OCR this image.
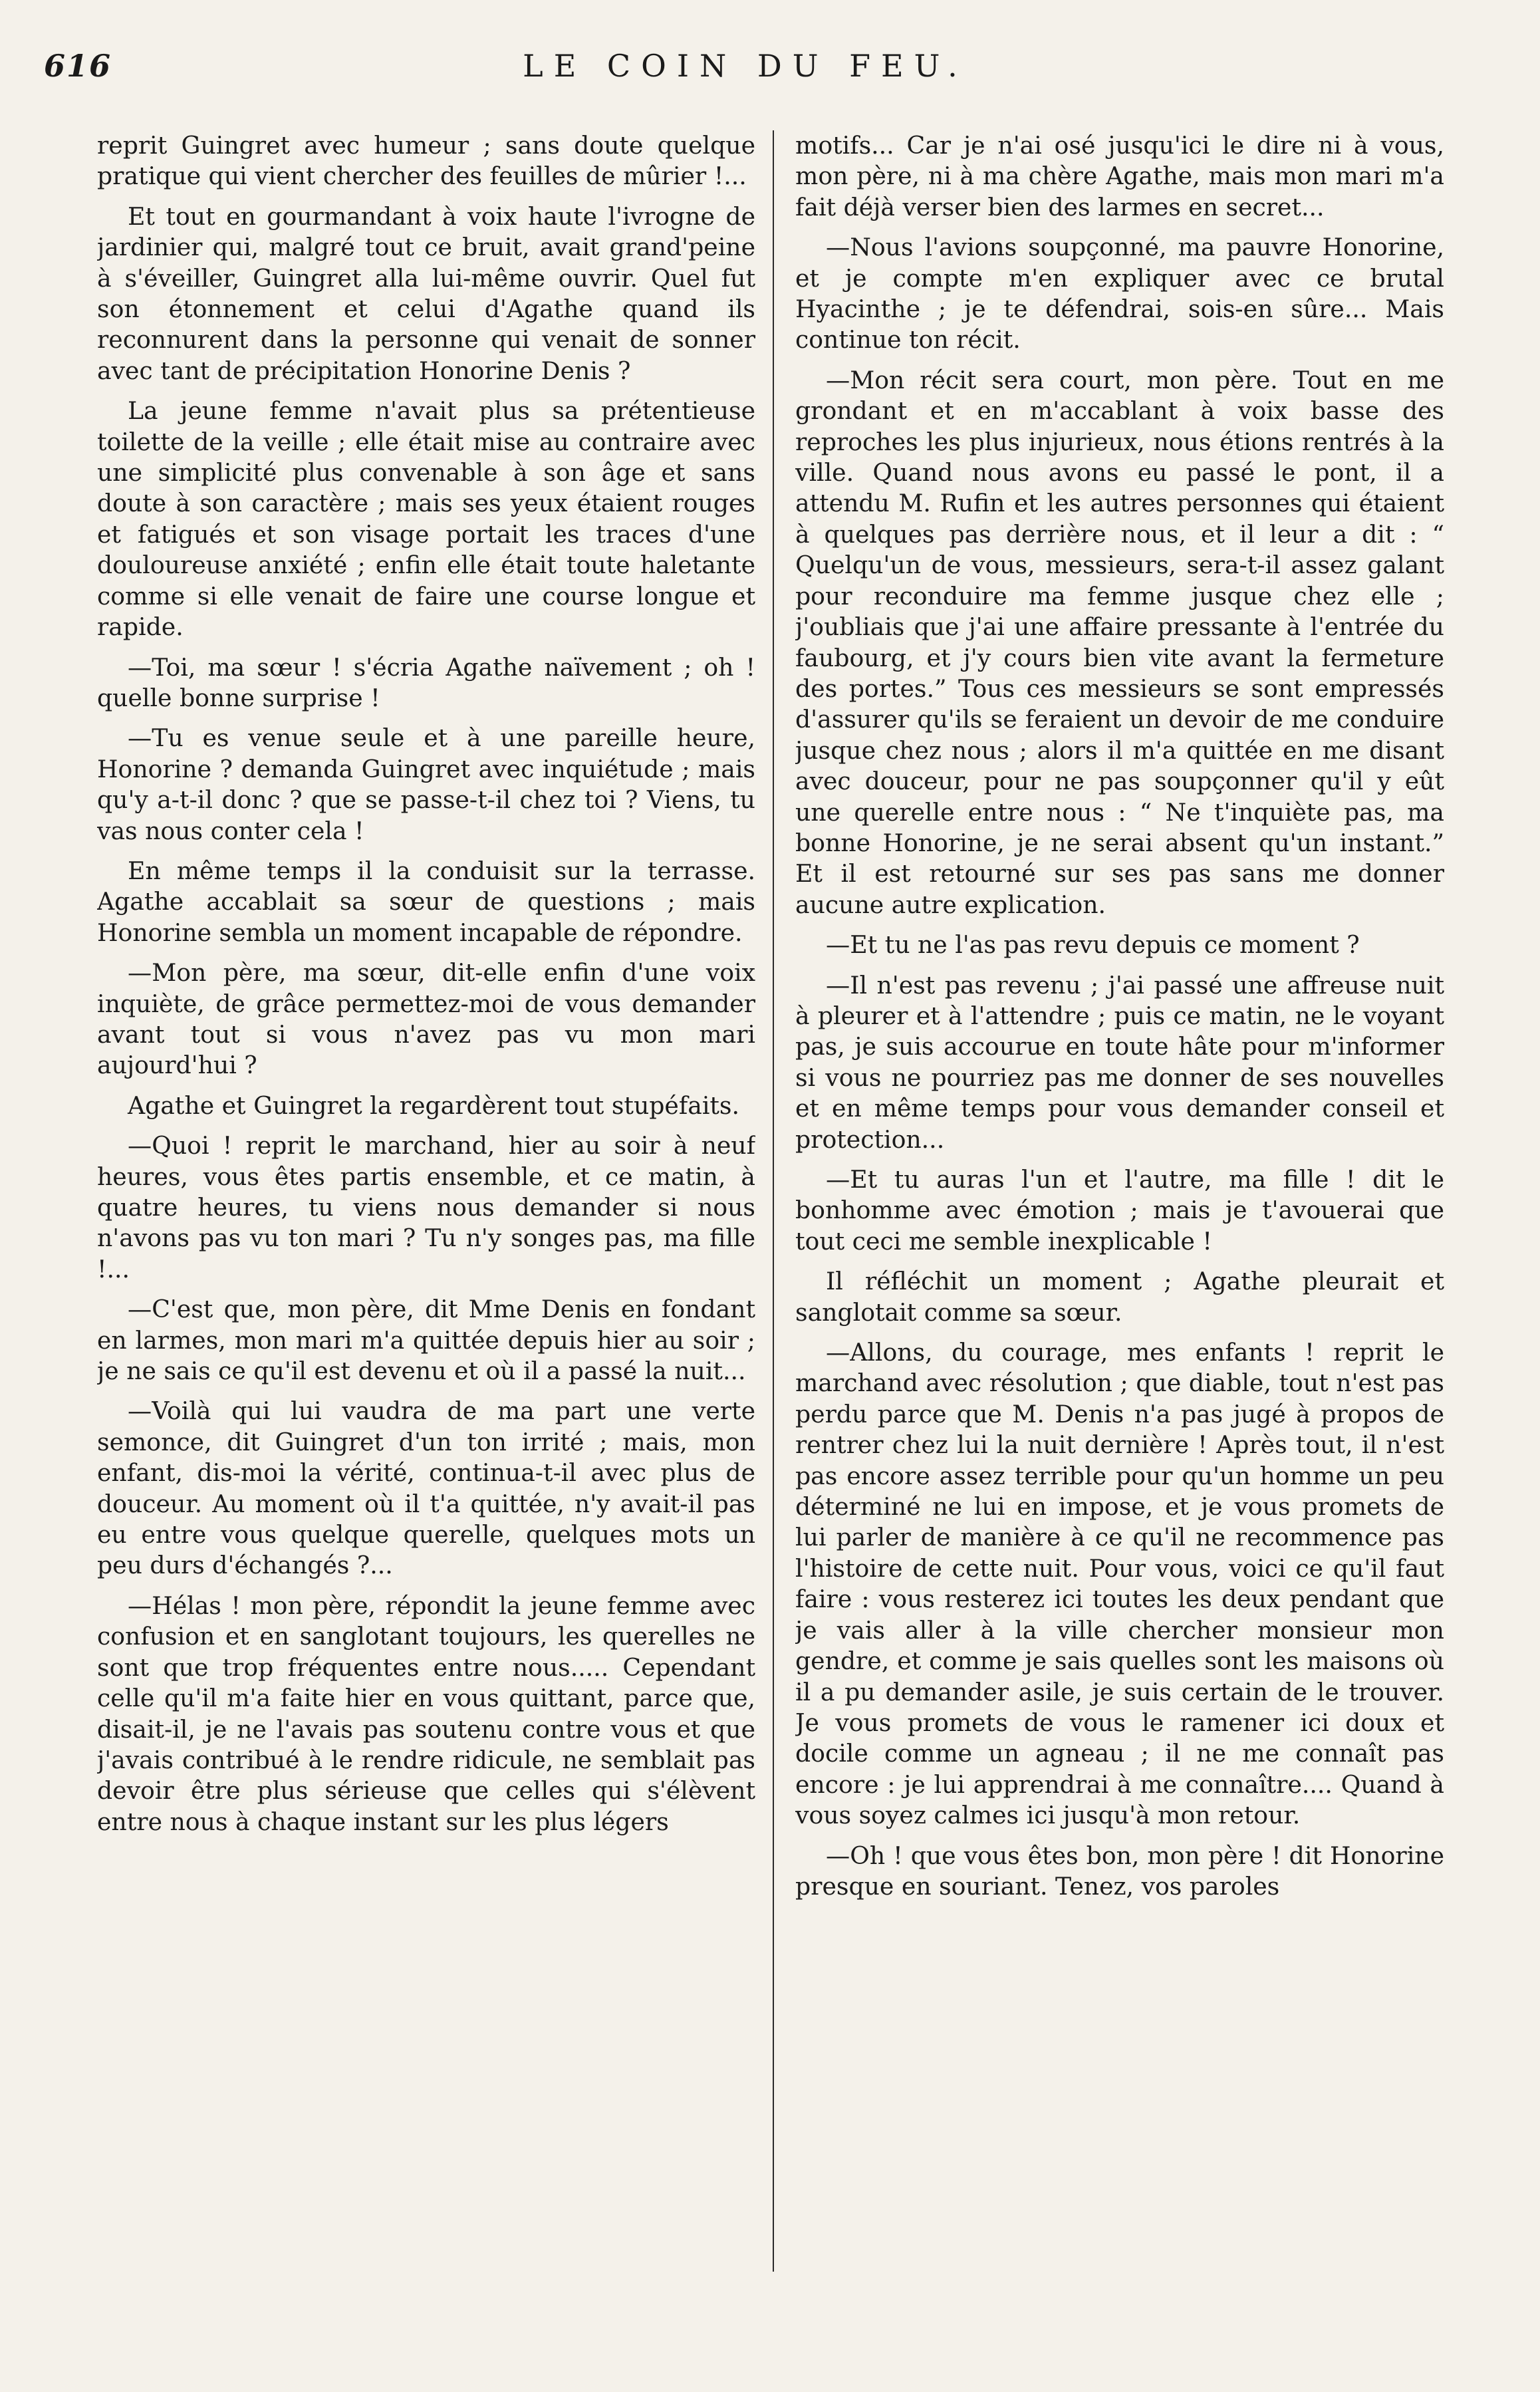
616	LE COIN DU FEU.

reprit Guingret avec humeur ; sans doute quelque pratique qui vient chercher des feuilles de mûrier !...

Et tout en gourmandant à voix haute l'ivrogne de jardinier qui, malgré tout ce bruit, avait grand'peine à s'éveiller, Guingret alla lui-même ouvrir. Quel fut son étonnement et celui d'Agathe quand ils reconnurent dans la personne qui venait de sonner avec tant de précipitation Honorine Denis ?

La jeune femme n'avait plus sa prétentieuse toilette de la veille ; elle était mise au contraire avec une simplicité plus convenable à son âge et sans doute à son caractère ; mais ses yeux étaient rouges et fatigués et son visage portait les traces d'une douloureuse anxiété ; enfin elle était toute haletante comme si elle venait de faire une course longue et rapide.

—Toi, ma sœur ! s'écria Agathe naïvement ; oh ! quelle bonne surprise !

—Tu es venue seule et à une pareille heure, Honorine ? demanda Guingret avec inquiétude ; mais qu'y a-t-il donc ? que se passe-t-il chez toi ? Viens, tu vas nous conter cela !

En même temps il la conduisit sur la terrasse. Agathe accablait sa sœur de questions ; mais Honorine sembla un moment incapable de répondre.

—Mon père, ma sœur, dit-elle enfin d'une voix inquiète, de grâce permettez-moi de vous demander avant tout si vous n'avez pas vu mon mari aujourd'hui ?

Agathe et Guingret la regardèrent tout stupéfaits.

—Quoi ! reprit le marchand, hier au soir à neuf heures, vous êtes partis ensemble, et ce matin, à quatre heures, tu viens nous demander si nous n'avons pas vu ton mari ? Tu n'y songes pas, ma fille !...

—C'est que, mon père, dit Mme Denis en fondant en larmes, mon mari m'a quittée depuis hier au soir ; je ne sais ce qu'il est devenu et où il a passé la nuit...

—Voilà qui lui vaudra de ma part une verte semonce, dit Guingret d'un ton irrité ; mais, mon enfant, dis-moi la vérité, continua-t-il avec plus de douceur. Au moment où il t'a quittée, n'y avait-il pas eu entre vous quelque querelle, quelques mots un peu durs d'échangés ?...

—Hélas ! mon père, répondit la jeune femme avec confusion et en sanglotant toujours, les querelles ne sont que trop fréquentes entre nous..... Cependant celle qu'il m'a faite hier en vous quittant, parce que, disait-il, je ne l'avais pas soutenu contre vous et que j'avais contribué à le rendre ridicule, ne semblait pas devoir être plus sérieuse que celles qui s'élèvent entre nous à chaque instant sur les plus légers

motifs... Car je n'ai osé jusqu'ici le dire ni à vous, mon père, ni à ma chère Agathe, mais mon mari m'a fait déjà verser bien des larmes en secret...

—Nous l'avions soupçonné, ma pauvre Honorine, et je compte m'en expliquer avec ce brutal Hyacinthe ; je te défendrai, sois-en sûre... Mais continue ton récit.

—Mon récit sera court, mon père. Tout en me grondant et en m'accablant à voix basse des reproches les plus injurieux, nous étions rentrés à la ville. Quand nous avons eu passé le pont, il a attendu M. Rufin et les autres personnes qui étaient à quelques pas derrière nous, et il leur a dit : “ Quelqu'un de vous, messieurs, sera-t-il assez galant pour reconduire ma femme jusque chez elle ; j'oubliais que j'ai une affaire pressante à l'entrée du faubourg, et j'y cours bien vite avant la fermeture des portes.” Tous ces messieurs se sont empressés d'assurer qu'ils se feraient un devoir de me conduire jusque chez nous ; alors il m'a quittée en me disant avec douceur, pour ne pas soupçonner qu'il y eût une querelle entre nous : “ Ne t'inquiète pas, ma bonne Honorine, je ne serai absent qu'un instant.” Et il est retourné sur ses pas sans me donner aucune autre explication.

—Et tu ne l'as pas revu depuis ce moment ?

—Il n'est pas revenu ; j'ai passé une affreuse nuit à pleurer et à l'attendre ; puis ce matin, ne le voyant pas, je suis accourue en toute hâte pour m'informer si vous ne pourriez pas me donner de ses nouvelles et en même temps pour vous demander conseil et protection...

—Et tu auras l'un et l'autre, ma fille ! dit le bonhomme avec émotion ; mais je t'avouerai que tout ceci me semble inexplicable !

Il réfléchit un moment ; Agathe pleurait et sanglotait comme sa sœur.

—Allons, du courage, mes enfants ! reprit le marchand avec résolution ; que diable, tout n'est pas perdu parce que M. Denis n'a pas jugé à propos de rentrer chez lui la nuit dernière ! Après tout, il n'est pas encore assez terrible pour qu'un homme un peu déterminé ne lui en impose, et je vous promets de lui parler de manière à ce qu'il ne recommence pas l'histoire de cette nuit. Pour vous, voici ce qu'il faut faire : vous resterez ici toutes les deux pendant que je vais aller à la ville chercher monsieur mon gendre, et comme je sais quelles sont les maisons où il a pu demander asile, je suis certain de le trouver. Je vous promets de vous le ramener ici doux et docile comme un agneau ; il ne me connaît pas encore : je lui apprendrai à me connaître.... Quand à vous soyez calmes ici jusqu'à mon retour.

—Oh ! que vous êtes bon, mon père ! dit Honorine presque en souriant. Tenez, vos paroles
